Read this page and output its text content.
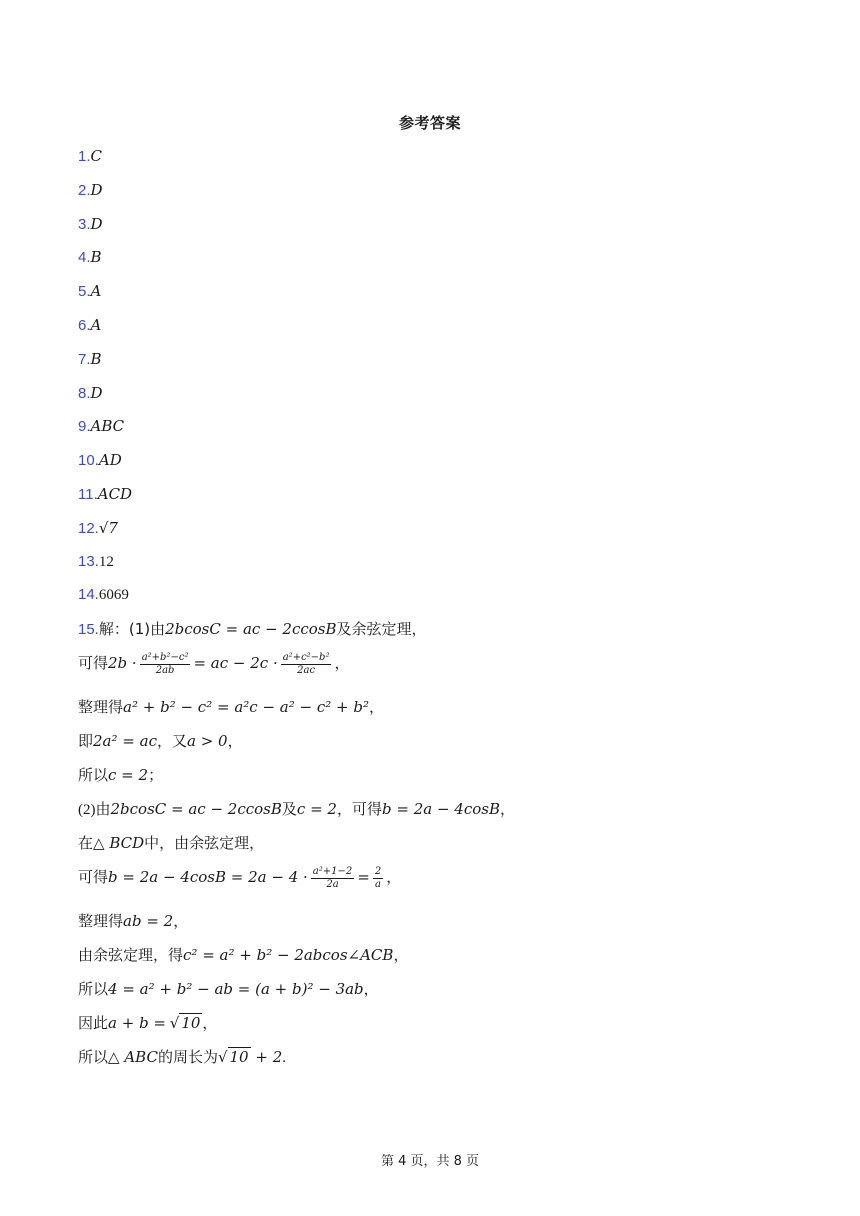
参考答案
1.C
2.D
3.D
4.B
5.A
6.A
7.B
8.D
9.ABC
10.AD
11.ACD
12.√7
13.12
14.6069
15.解：(1)由2bcosC = ac − 2ccosB及余弦定理，
可得$2b \cdot \frac{\text{a²+b²−c²}}{2ab}$ = ac − $2c \cdot \frac{\text{a²+c²−b²}}{2ac}$ ，
整理得a² + b² − c² = a²c − a² − c² + b²，
即2a² = ac，又a > 0，
所以c = 2；
(2)由2bcosC = ac − 2ccosB及c = 2，可得b = 2a − 4cosB，
在△ BCD中，由余弦定理，
可得$b = 2a - 4\cos B = 2a - 4 \cdot \frac{\text{a²+1−2}}{2a} = \frac{2}{a}$ ，
整理得ab = 2，
由余弦定理，得c² = a² + b² − 2abcos∠ACB，
所以4 = a² + b² − ab = (a + b)² − 3ab，
因此a + b = √ 10 ，
所以△ ABC的周长为√ 10 + 2.
第 4 页，共 8 页
